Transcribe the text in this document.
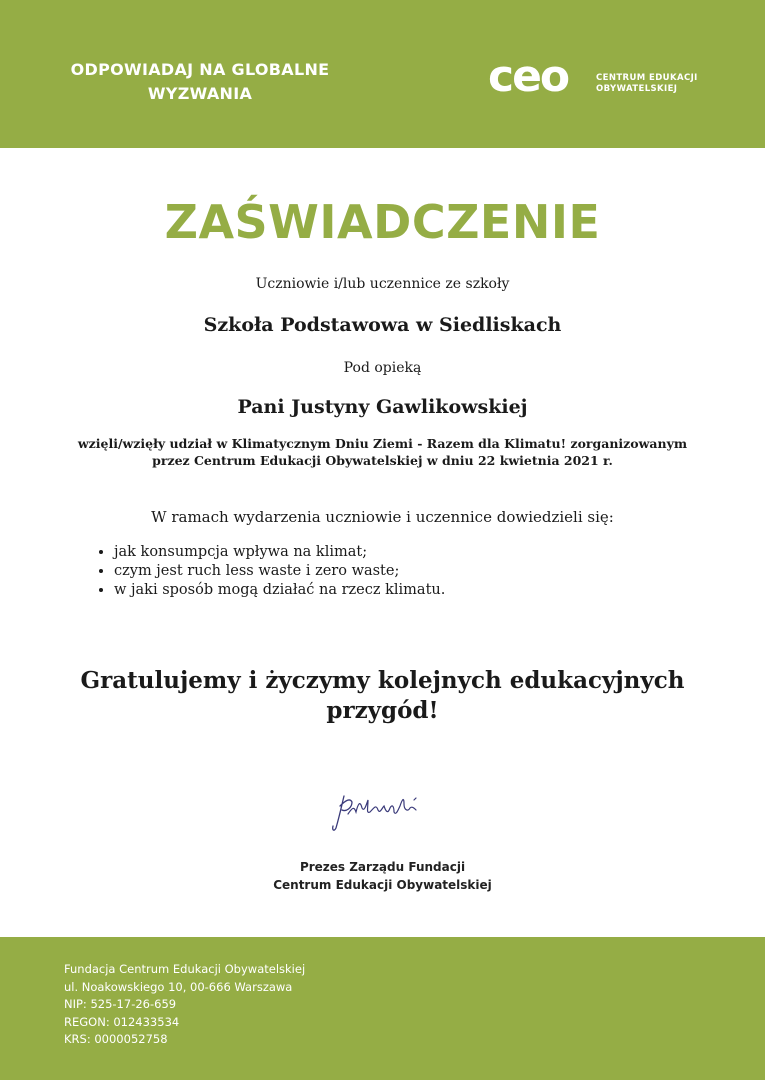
ODPOWIADAJ NA GLOBALNE
WYZWANIA	ceo	CENTRUM EDUKACJI
OBYWATELSKIEJ
ZAŚWIADCZENIE
Uczniowie i/lub uczennice ze szkoły
Szkoła Podstawowa w Siedliskach
Pod opieką
Pani Justyny Gawlikowskiej
wzięli/wzięły udział w Klimatycznym Dniu Ziemi - Razem dla Klimatu! zorganizowanym
przez Centrum Edukacji Obywatelskiej w dniu 22 kwietnia 2021 r.
W ramach wydarzenia uczniowie i uczennice dowiedzieli się:
• jak konsumpcja wpływa na klimat;
• czym jest ruch less waste i zero waste;
• w jaki sposób mogą działać na rzecz klimatu.
Gratulujemy i życzymy kolejnych edukacyjnych
przygód!
Prezes Zarządu Fundacji
Centrum Edukacji Obywatelskiej
Fundacja Centrum Edukacji Obywatelskiej
ul. Noakowskiego 10, 00-666 Warszawa
NIP: 525-17-26-659
REGON: 012433534
KRS: 0000052758
